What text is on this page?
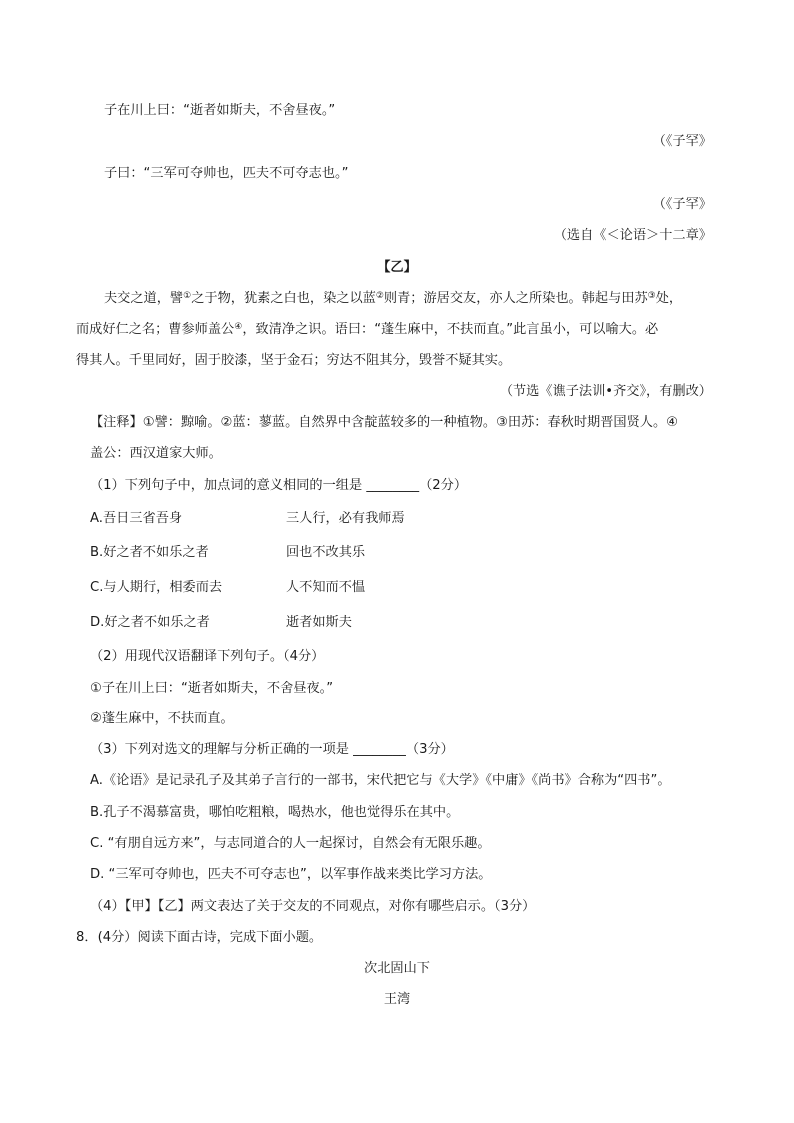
子在川上曰：“逝者如斯夫，不舍昼夜。”
（《子罕》
子曰：“三军可夺帅也，匹夫不可夺志也。”
（《子罕》
（选自《＜论语＞十二章》
【乙】
夫交之道，譬①之于物，犹素之白也，染之以蓝②则青；游居交友，亦人之所染也。韩起与田苏③处，
而成好仁之名；曹参师盖公④，致清净之识。语曰：“蓬生麻中，不扶而直。”此言虽小，可以喻大。必
得其人。千里同好，固于胶漆，坚于金石；穷达不阻其分，毁誉不疑其实。
（节选《谯子法训•齐交》，有删改）
【注释】①譬：黥喻。②蓝：蓼蓝。自然界中含靛蓝较多的一种植物。③田苏：春秋时期晋国贤人。④
盖公：西汉道家大师。
（1）下列句子中，加点词的意义相同的一组是 ________（2分）
A.吾日三省吾身	三人行，必有我师焉
B.好之者不如乐之者	回也不改其乐
C.与人期行，相委而去	人不知而不愠
D.好之者不如乐之者	逝者如斯夫
（2）用现代汉语翻译下列句子。（4分）
①子在川上曰：“逝者如斯夫，不舍昼夜。”
②蓬生麻中，不扶而直。
（3）下列对选文的理解与分析正确的一项是 ________（3分）
A.《论语》是记录孔子及其弟子言行的一部书，宋代把它与《大学》《中庸》《尚书》合称为“四书”。
B.孔子不渴慕富贵，哪怕吃粗粮，喝热水，他也觉得乐在其中。
C. “有朋自远方来”，与志同道合的人一起探讨，自然会有无限乐趣。
D. “三军可夺帅也，匹夫不可夺志也”，以军事作战来类比学习方法。
（4）【甲】【乙】两文表达了关于交友的不同观点，对你有哪些启示。（3分）
8．(4分）阅读下面古诗，完成下面小题。
次北固山下
王湾
